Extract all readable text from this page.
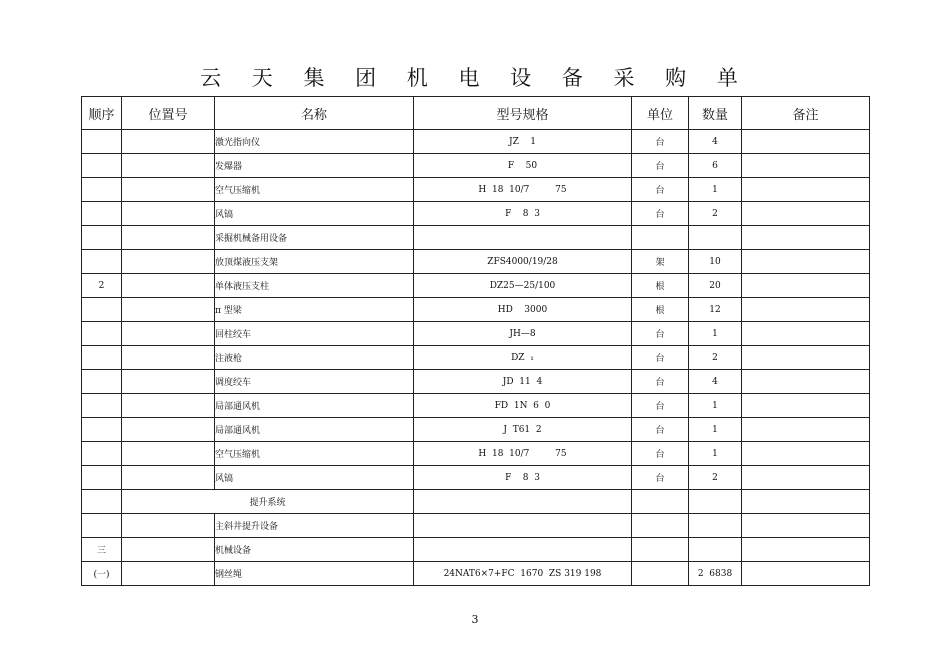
云 天 集 团 机 电 设 备 采 购 单
顺序	位置号	名称	型号规格	单位	数量	备注
		激光指向仪	JZ    1	台	4	
		发爆器	F    50	台	6	
		空气压缩机	H  18  10/7         75	台	1	
		风镐	F    8  3	台	2	
		采掘机械备用设备				
		放顶煤液压支架	ZFS4000/19/28	架	10	
2		单体液压支柱	DZ25—25/100	根	20	
		π 型梁	HD    3000	根	12	
		回柱绞车	JH—8	台	1	
		注液枪	DZ  ₁	台	2	
		调度绞车	JD  11  4	台	4	
		局部通风机	FD  1N  6  0	台	1	
		局部通风机	J  T61  2	台	1	
		空气压缩机	H  18  10/7         75	台	1	
		风镐	F    8  3	台	2	
	提升系统					
		主斜井提升设备				
三		机械设备				
(一)		钢丝绳	24NAT6×7+FC  1670  ZS 319 198		2  6838	
3
